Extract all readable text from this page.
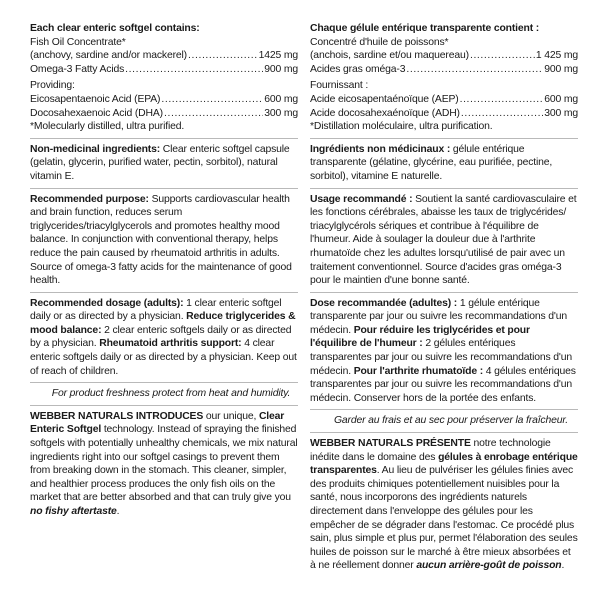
Each clear enteric softgel contains:

Fish Oil Concentrate*
(anchovy, sardine and/or mackerel) .....	1425 mg
Omega-3 Fatty Acids .....	900 mg
Providing:
Eicosapentaenoic Acid (EPA) .....	600 mg
Docosahexaenoic Acid (DHA) .....	300 mg

*Molecularly distilled, ultra purified.

Non-medicinal ingredients: Clear enteric softgel capsule (gelatin, glycerin, purified water, pectin, sorbitol), natural vitamin E.

Recommended purpose: Supports cardiovascular health and brain function, reduces serum triglycerides/triacylglycerols and promotes healthy mood balance. In conjunction with conventional therapy, helps reduce the pain caused by rheumatoid arthritis in adults. Source of omega-3 fatty acids for the maintenance of good health.

Recommended dosage (adults): 1 clear enteric softgel daily or as directed by a physician. Reduce triglycerides & mood balance: 2 clear enteric softgels daily or as directed by a physician. Rheumatoid arthritis support: 4 clear enteric softgels daily or as directed by a physician. Keep out of reach of children.

For product freshness protect from heat and humidity.

WEBBER NATURALS INTRODUCES our unique, Clear Enteric Softgel technology. Instead of spraying the finished softgels with potentially unhealthy chemicals, we mix natural ingredients right into our softgel casings to prevent them from breaking down in the stomach. This cleaner, simpler, and healthier process produces the only fish oils on the market that are better absorbed and that can truly give you no fishy aftertaste.

Chaque gélule entérique transparente contient :

Concentré d'huile de poissons*
(anchois, sardine et/ou maquereau) .....	1 425 mg
Acides gras oméga-3 .....	900 mg
Fournissant :
Acide eicosapentaénoïque (AEP) .....	600 mg
Acide docosahexaénoïque (ADH) .....	300 mg

*Distillation moléculaire, ultra purification.

Ingrédients non médicinaux : gélule entérique transparente (gélatine, glycérine, eau purifiée, pectine, sorbitol), vitamine E naturelle.

Usage recommandé : Soutient la santé cardiovasculaire et les fonctions cérébrales, abaisse les taux de triglycérides/ triacylglycérols sériques et contribue à l'équilibre de l'humeur. Aide à soulager la douleur due à l'arthrite rhumatoïde chez les adultes lorsqu'utilisé de pair avec un traitement conventionnel. Source d'acides gras oméga-3 pour le maintien d'une bonne santé.

Dose recommandée (adultes) : 1 gélule entérique transparente par jour ou suivre les recommandations d'un médecin. Pour réduire les triglycérides et pour l'équilibre de l'humeur : 2 gélules entériques transparentes par jour ou suivre les recommandations d'un médecin. Pour l'arthrite rhumatoïde : 4 gélules entériques transparentes par jour ou suivre les recommandations d'un médecin. Conserver hors de la portée des enfants.

Garder au frais et au sec pour préserver la fraîcheur.

WEBBER NATURALS PRÉSENTE notre technologie inédite dans le domaine des gélules à enrobage entérique transparentes. Au lieu de pulvériser les gélules finies avec des produits chimiques potentiellement nuisibles pour la santé, nous incorporons des ingrédients naturels directement dans l'enveloppe des gélules pour les empêcher de se dégrader dans l'estomac. Ce procédé plus sain, plus simple et plus pur, permet l'élaboration des seules huiles de poisson sur le marché à être mieux absorbées et à ne réellement donner aucun arrière-goût de poisson.
